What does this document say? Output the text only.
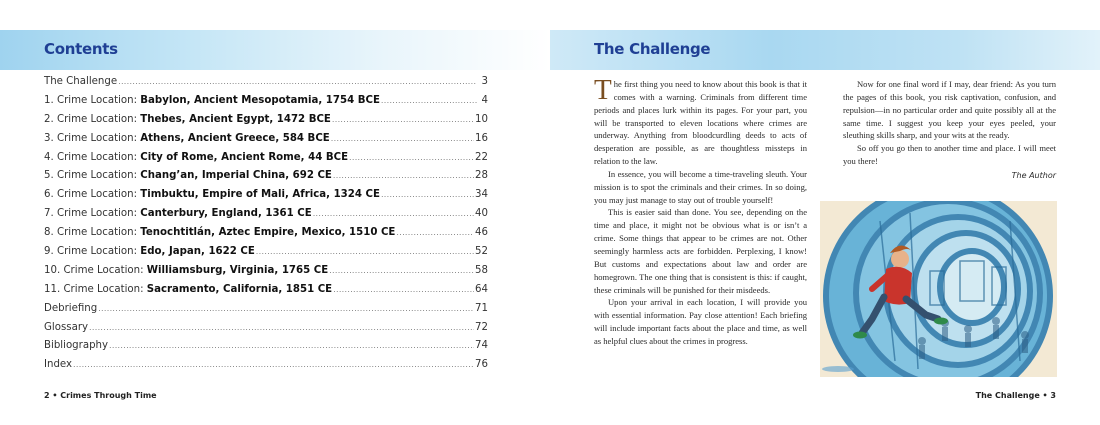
Contents	The Challenge
The Challenge .....	3
1. Crime Location: Babylon, Ancient Mesopotamia, 1754 BCE .....	4
2. Crime Location: Thebes, Ancient Egypt, 1472 BCE .....	10
3. Crime Location: Athens, Ancient Greece, 584 BCE .....	16
4. Crime Location: City of Rome, Ancient Rome, 44 BCE .....	22
5. Crime Location: Chang’an, Imperial China, 692 CE .....	28
6. Crime Location: Timbuktu, Empire of Mali, Africa, 1324 CE .....	34
7. Crime Location: Canterbury, England, 1361 CE .....	40
8. Crime Location: Tenochtitlán, Aztec Empire, Mexico, 1510 CE .....	46
9. Crime Location: Edo, Japan, 1622 CE .....	52
10. Crime Location: Williamsburg, Virginia, 1765 CE .....	58
11. Crime Location: Sacramento, California, 1851 CE .....	64
Debriefing .....	71
Glossary .....	72
Bibliography .....	74
Index .....	76

The first thing you need to know about this book is that it comes with a warning. Criminals from different time periods and places lurk within its pages. For your part, you will be transported to eleven locations where crimes are underway. Anything from bloodcurdling deeds to acts of desperation are possible, as are thoughtless missteps in relation to the law.

In essence, you will become a time-traveling sleuth. Your mission is to spot the criminals and their crimes. In so doing, you may just manage to stay out of trouble yourself!

This is easier said than done. You see, depending on the time and place, it might not be obvious what is or isn’t a crime. Some things that appear to be crimes are not. Other seemingly harmless acts are forbidden. Perplexing, I know! But customs and expectations about law and order are homegrown. The one thing that is consistent is this: if caught, these criminals will be punished for their misdeeds.

Upon your arrival in each location, I will provide you with essential information. Pay close attention! Each briefing will include important facts about the place and time, as well as helpful clues about the crimes in progress.

Now for one final word if I may, dear friend: As you turn the pages of this book, you risk captivation, confusion, and repulsion—in no particular order and quite possibly all at the same time. I suggest you keep your eyes peeled, your sleuthing skills sharp, and your wits at the ready.

So off you go then to another time and place. I will meet you there!

The Author
2 • Crimes Through Time	The Challenge • 3
